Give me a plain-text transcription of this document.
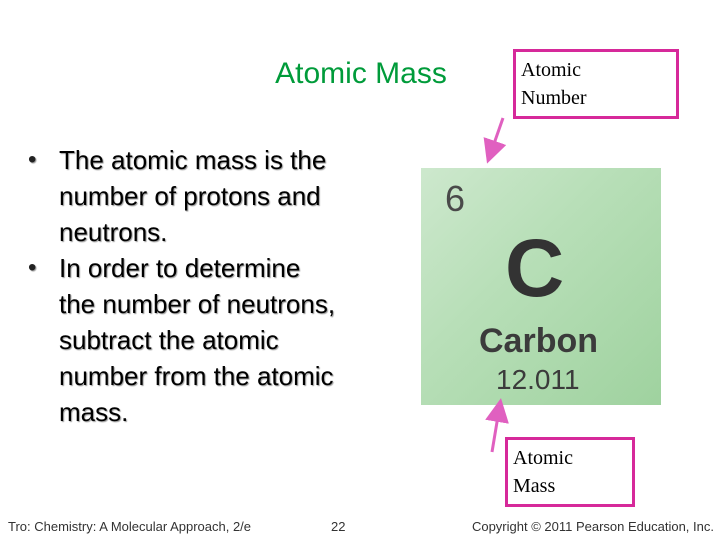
Atomic Mass
• The atomic mass is the
number of protons and
neutrons.
• In order to determine
the number of neutrons,
subtract the atomic
number from the atomic
mass.
Atomic
Number
6
C
Carbon
12.011
Atomic
Mass
Tro: Chemistry: A Molecular Approach, 2/e	22	Copyright © 2011 Pearson Education, Inc.
